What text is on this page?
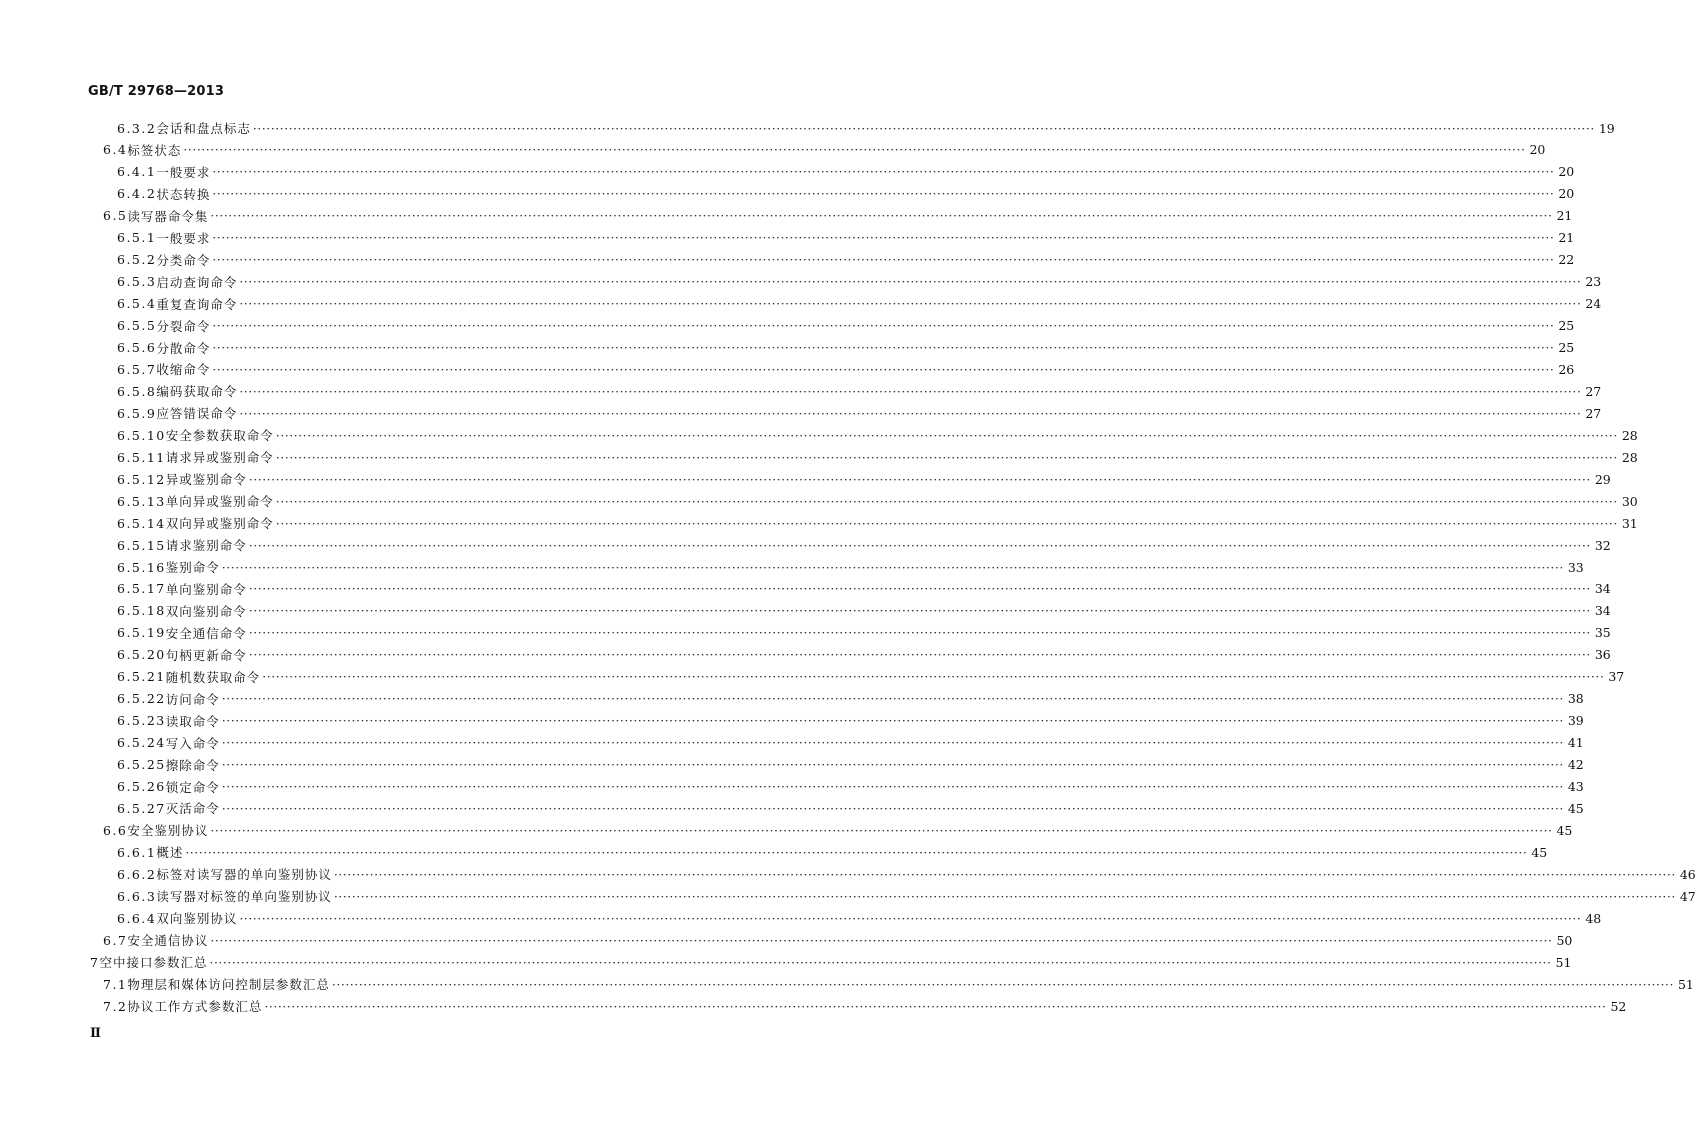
GB/T 29768—2013
6.3.2 会话和盘点标志 ············································································································································································································································································································ 19
6.4 标签状态 ············································································································································································································································································································ 20
6.4.1 一般要求 ············································································································································································································································································································ 20
6.4.2 状态转换 ············································································································································································································································································································ 20
6.5 读写器命令集 ············································································································································································································································································································ 21
6.5.1 一般要求 ············································································································································································································································································································ 21
6.5.2 分类命令 ············································································································································································································································································································ 22
6.5.3 启动查询命令 ············································································································································································································································································································ 23
6.5.4 重复查询命令 ············································································································································································································································································································ 24
6.5.5 分裂命令 ············································································································································································································································································································ 25
6.5.6 分散命令 ············································································································································································································································································································ 25
6.5.7 收缩命令 ············································································································································································································································································································ 26
6.5.8 编码获取命令 ············································································································································································································································································································ 27
6.5.9 应答错误命令 ············································································································································································································································································································ 27
6.5.10 安全参数获取命令 ············································································································································································································································································································ 28
6.5.11 请求异或鉴别命令 ············································································································································································································································································································ 28
6.5.12 异或鉴别命令 ············································································································································································································································································································ 29
6.5.13 单向异或鉴别命令 ············································································································································································································································································································ 30
6.5.14 双向异或鉴别命令 ············································································································································································································································································································ 31
6.5.15 请求鉴别命令 ············································································································································································································································································································ 32
6.5.16 鉴别命令 ············································································································································································································································································································ 33
6.5.17 单向鉴别命令 ············································································································································································································································································································ 34
6.5.18 双向鉴别命令 ············································································································································································································································································································ 34
6.5.19 安全通信命令 ············································································································································································································································································································ 35
6.5.20 句柄更新命令 ············································································································································································································································································································ 36
6.5.21 随机数获取命令 ············································································································································································································································································································ 37
6.5.22 访问命令 ············································································································································································································································································································ 38
6.5.23 读取命令 ············································································································································································································································································································ 39
6.5.24 写入命令 ············································································································································································································································································································ 41
6.5.25 擦除命令 ············································································································································································································································································································ 42
6.5.26 锁定命令 ············································································································································································································································································································ 43
6.5.27 灭活命令 ············································································································································································································································································································ 45
6.6 安全鉴别协议 ············································································································································································································································································································ 45
6.6.1 概述 ············································································································································································································································································································ 45
6.6.2 标签对读写器的单向鉴别协议 ············································································································································································································································································································ 46
6.6.3 读写器对标签的单向鉴别协议 ············································································································································································································································································································ 47
6.6.4 双向鉴别协议 ············································································································································································································································································································ 48
6.7 安全通信协议 ············································································································································································································································································································ 50
7 空中接口参数汇总 ············································································································································································································································································································ 51
7.1 物理层和媒体访问控制层参数汇总 ············································································································································································································································································································ 51
7.2 协议工作方式参数汇总 ············································································································································································································································································································ 52
Ⅱ
